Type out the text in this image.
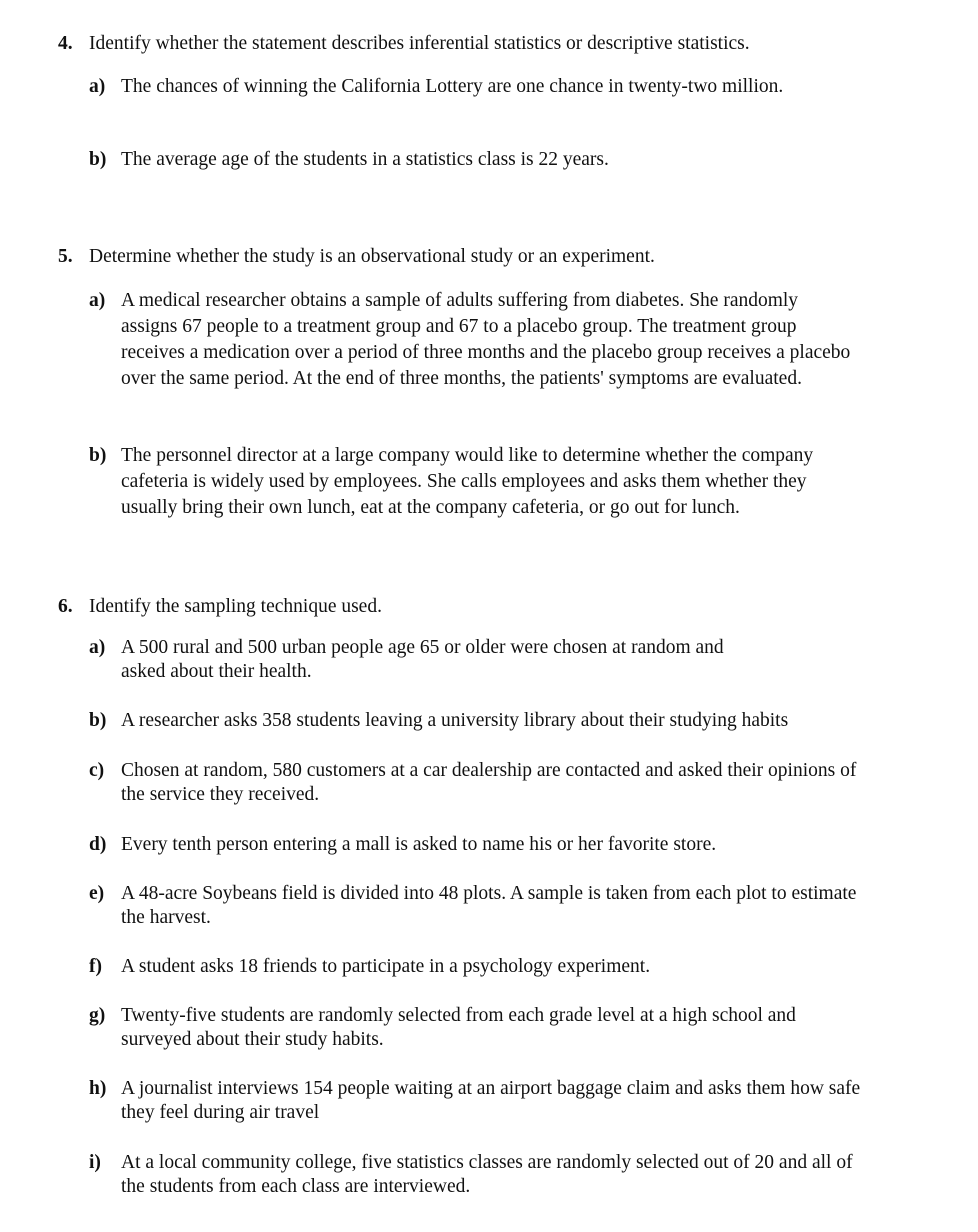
4. Identify whether the statement describes inferential statistics or descriptive statistics.
a) The chances of winning the California Lottery are one chance in twenty-two million.
b) The average age of the students in a statistics class is 22 years.
5. Determine whether the study is an observational study or an experiment.
a) A medical researcher obtains a sample of adults suffering from diabetes. She randomly
assigns 67 people to a treatment group and 67 to a placebo group. The treatment group
receives a medication over a period of three months and the placebo group receives a placebo
over the same period. At the end of three months, the patients' symptoms are evaluated.
b) The personnel director at a large company would like to determine whether the company
cafeteria is widely used by employees. She calls employees and asks them whether they
usually bring their own lunch, eat at the company cafeteria, or go out for lunch.
6. Identify the sampling technique used.
a) A 500 rural and 500 urban people age 65 or older were chosen at random and
asked about their health.
b) A researcher asks 358 students leaving a university library about their studying habits
c) Chosen at random, 580 customers at a car dealership are contacted and asked their opinions of
the service they received.
d) Every tenth person entering a mall is asked to name his or her favorite store.
e) A 48-acre Soybeans field is divided into 48 plots. A sample is taken from each plot to estimate
the harvest.
f) A student asks 18 friends to participate in a psychology experiment.
g) Twenty-five students are randomly selected from each grade level at a high school and
surveyed about their study habits.
h) A journalist interviews 154 people waiting at an airport baggage claim and asks them how safe
they feel during air travel
i) At a local community college, five statistics classes are randomly selected out of 20 and all of
the students from each class are interviewed.
